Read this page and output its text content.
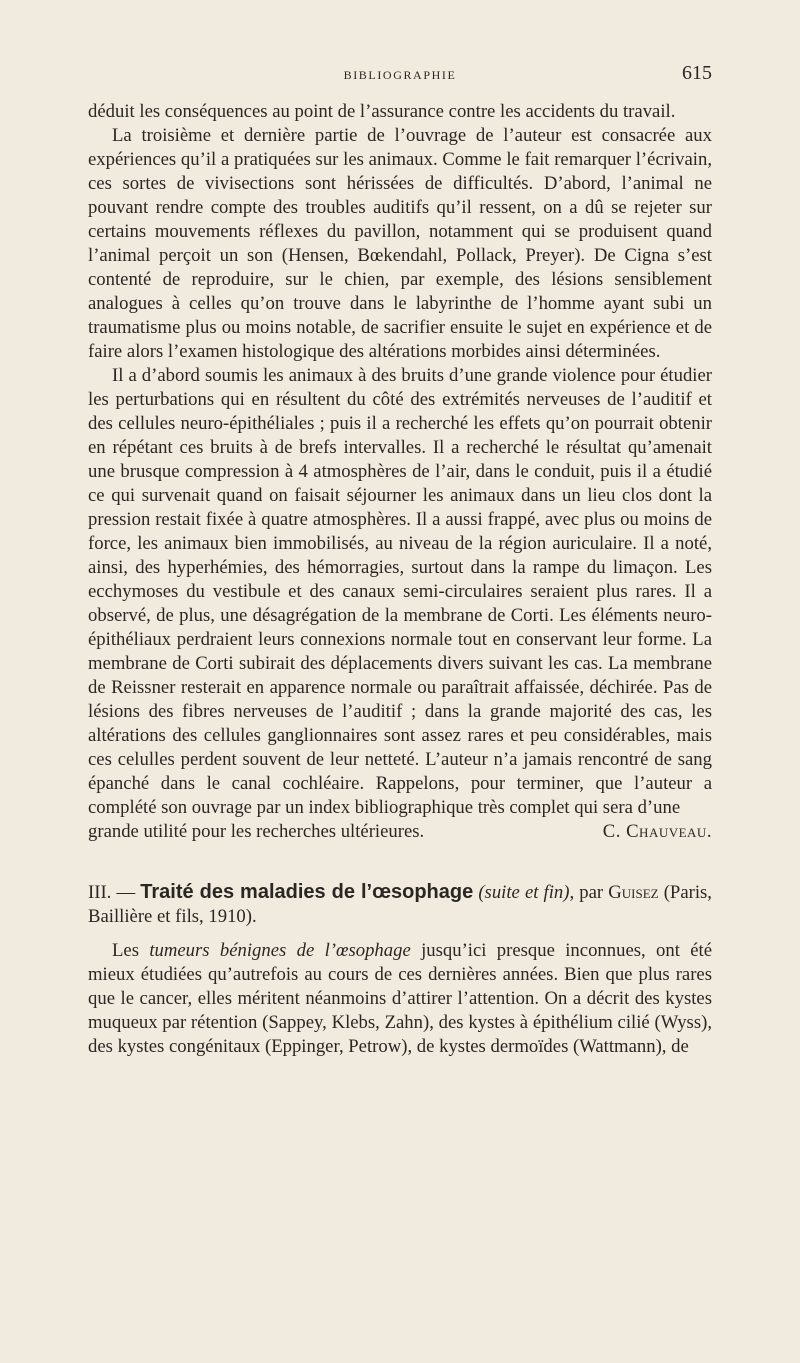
BIBLIOGRAPHIE	615

déduit les conséquences au point de l’assurance contre les accidents du travail.

La troisième et dernière partie de l’ouvrage de l’auteur est consacrée aux expériences qu’il a pratiquées sur les animaux. Comme le fait remarquer l’écrivain, ces sortes de vivisections sont hérissées de difficultés. D’abord, l’animal ne pouvant rendre compte des troubles auditifs qu’il ressent, on a dû se rejeter sur certains mouvements réflexes du pavillon, notamment qui se produisent quand l’animal perçoit un son (Hensen, Bœkendahl, Pollack, Preyer). De Cigna s’est contenté de reproduire, sur le chien, par exemple, des lésions sensiblement analogues à celles qu’on trouve dans le labyrinthe de l’homme ayant subi un traumatisme plus ou moins notable, de sacrifier ensuite le sujet en expérience et de faire alors l’examen histologique des altérations morbides ainsi déterminées.

Il a d’abord soumis les animaux à des bruits d’une grande violence pour étudier les perturbations qui en résultent du côté des extrémités nerveuses de l’auditif et des cellules neuro-épithéliales ; puis il a recherché les effets qu’on pourrait obtenir en répétant ces bruits à de brefs intervalles. Il a recherché le résultat qu’amenait une brusque compression à 4 atmosphères de l’air, dans le conduit, puis il a étudié ce qui survenait quand on faisait séjourner les animaux dans un lieu clos dont la pression restait fixée à quatre atmosphères. Il a aussi frappé, avec plus ou moins de force, les animaux bien immobilisés, au niveau de la région auriculaire. Il a noté, ainsi, des hyperhémies, des hémorragies, surtout dans la rampe du limaçon. Les ecchymoses du vestibule et des canaux semi-circulaires seraient plus rares. Il a observé, de plus, une désagrégation de la membrane de Corti. Les éléments neuro-épithéliaux perdraient leurs connexions normale tout en conservant leur forme. La membrane de Corti subirait des déplacements divers suivant les cas. La membrane de Reissner resterait en apparence normale ou paraîtrait affaissée, déchirée. Pas de lésions des fibres nerveuses de l’auditif ; dans la grande majorité des cas, les altérations des cellules ganglionnaires sont assez rares et peu considérables, mais ces celulles perdent souvent de leur netteté. L’auteur n’a jamais rencontré de sang épanché dans le canal cochléaire. Rappelons, pour terminer, que l’auteur a complété son ouvrage par un index bibliographique très complet qui sera d’une

grande utilité pour les recherches ultérieures.	C. Chauveau.

III. — Traité des maladies de l’œsophage (suite et fin), par Guisez (Paris, Baillière et fils, 1910).

Les tumeurs bénignes de l’œsophage jusqu’ici presque inconnues, ont été mieux étudiées qu’autrefois au cours de ces dernières années. Bien que plus rares que le cancer, elles méritent néanmoins d’attirer l’attention. On a décrit des kystes muqueux par rétention (Sappey, Klebs, Zahn), des kystes à épithélium cilié (Wyss), des kystes congénitaux (Eppinger, Petrow), de kystes dermoïdes (Wattmann), de
